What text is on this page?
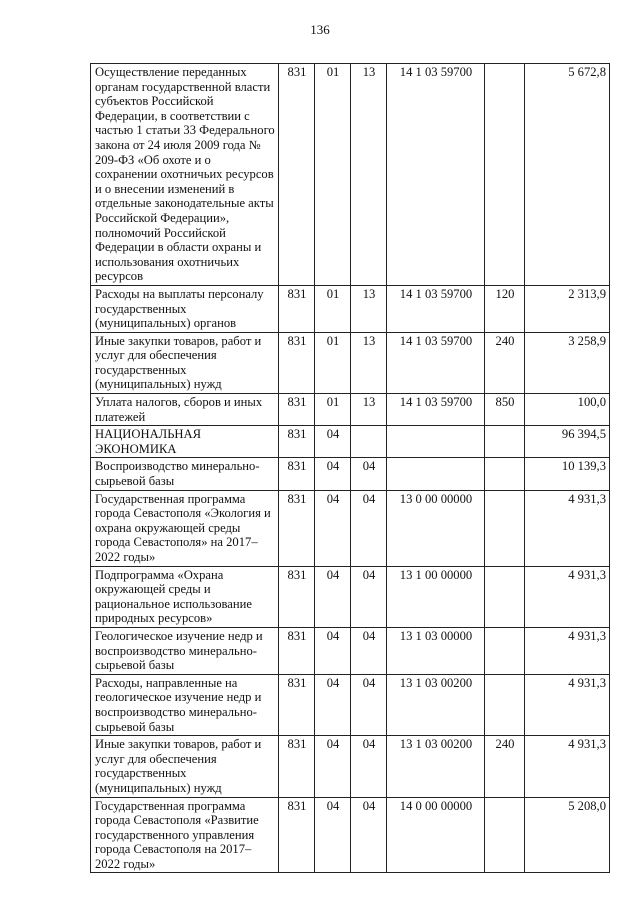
136
Осуществление переданных органам государственной власти субъектов Российской Федерации, в соответствии с частью 1 статьи 33 Федерального закона от 24 июля 2009 года № 209-ФЗ «Об охоте и о сохранении охотничьих ресурсов и о внесении изменений в отдельные законодательные акты Российской Федерации», полномочий Российской Федерации в области охраны и использования охотничьих ресурсов	831	01	13	14 1 03 59700		5 672,8
Расходы на выплаты персоналу государственных (муниципальных) органов	831	01	13	14 1 03 59700	120	2 313,9
Иные закупки товаров, работ и услуг для обеспечения государственных (муниципальных) нужд	831	01	13	14 1 03 59700	240	3 258,9
Уплата налогов, сборов и иных платежей	831	01	13	14 1 03 59700	850	100,0
НАЦИОНАЛЬНАЯ ЭКОНОМИКА	831	04				96 394,5
Воспроизводство минерально-сырьевой базы	831	04	04			10 139,3
Государственная программа города Севастополя «Экология и охрана окружающей среды города Севастополя» на 2017–2022 годы»	831	04	04	13 0 00 00000		4 931,3
Подпрограмма «Охрана окружающей среды и рациональное использование природных ресурсов»	831	04	04	13 1 00 00000		4 931,3
Геологическое изучение недр и воспроизводство минерально-сырьевой базы	831	04	04	13 1 03 00000		4 931,3
Расходы, направленные на геологическое изучение недр и воспроизводство минерально-сырьевой базы	831	04	04	13 1 03 00200		4 931,3
Иные закупки товаров, работ и услуг для обеспечения государственных (муниципальных) нужд	831	04	04	13 1 03 00200	240	4 931,3
Государственная программа города Севастополя «Развитие государственного управления города Севастополя на 2017–2022 годы»	831	04	04	14 0 00 00000		5 208,0
